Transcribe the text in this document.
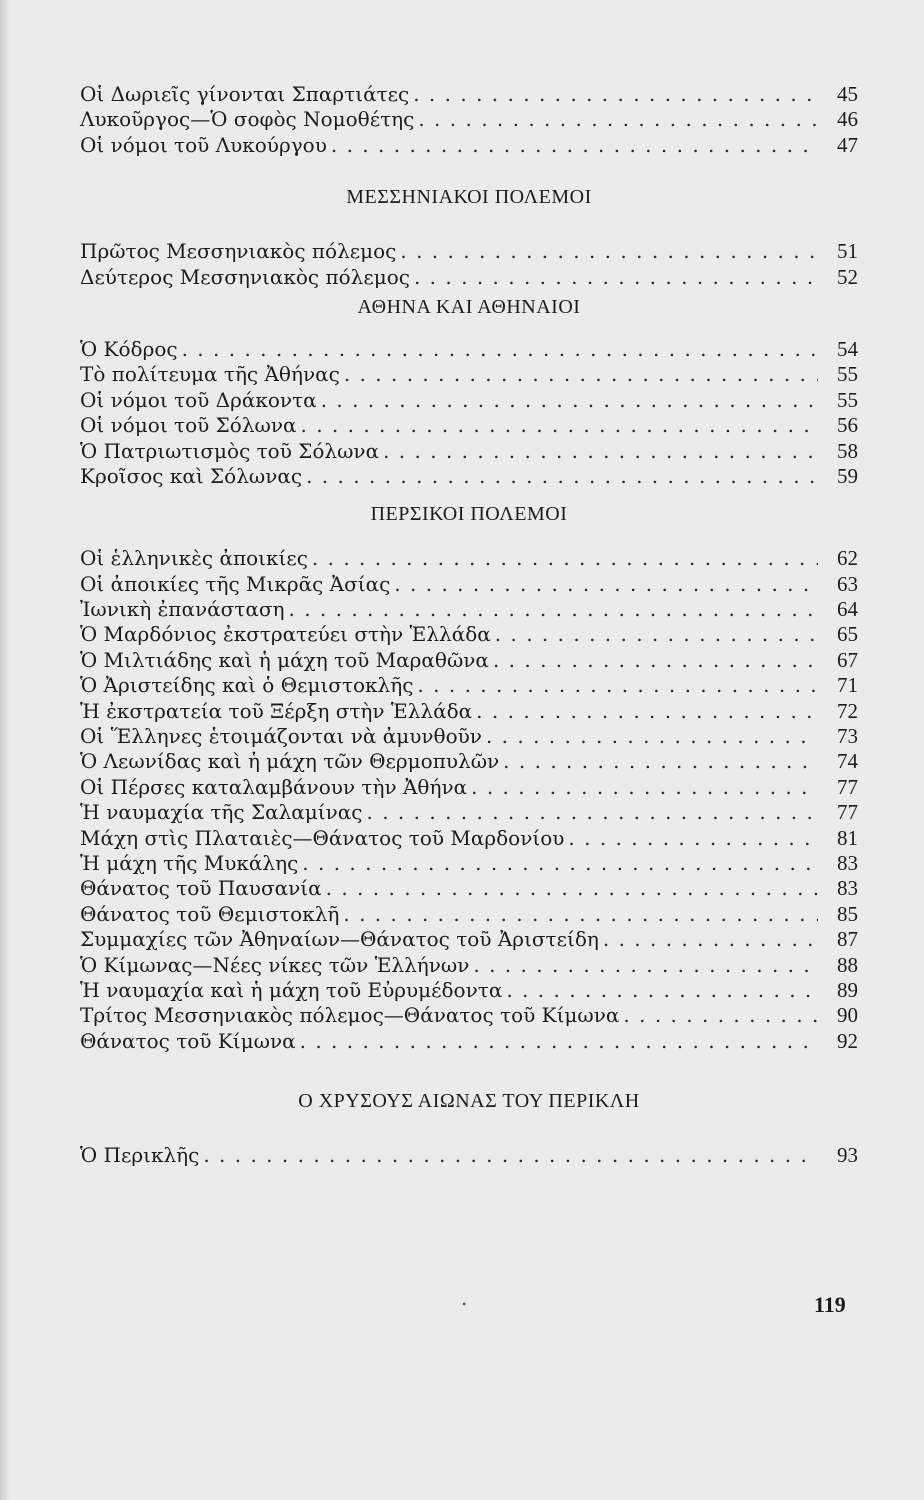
Οἱ Δωριεῖς γίνονται Σπαρτιάτες . . .	45
Λυκοῦργος—Ὁ σοφὸς Νομοθέτης . . .	46
Οἱ νόμοι τοῦ Λυκούργου . . .	47
ΜΕΣΣΗΝΙΑΚΟΙ ΠΟΛΕΜΟΙ
Πρῶτος Μεσσηνιακὸς πόλεμος . . .	51
Δεύτερος Μεσσηνιακὸς πόλεμος . . .	52
ΑΘΗΝΑ ΚΑΙ ΑΘΗΝΑΙΟΙ
Ὁ Κόδρος . . .	54
Τὸ πολίτευμα τῆς Ἀθήνας . . .	55
Οἱ νόμοι τοῦ Δράκοντα . . .	55
Οἱ νόμοι τοῦ Σόλωνα . . .	56
Ὁ Πατριωτισμὸς τοῦ Σόλωνα . . .	58
Κροῖσος καὶ Σόλωνας . . .	59
ΠΕΡΣΙΚΟΙ ΠΟΛΕΜΟΙ
Οἱ ἑλληνικὲς ἀποικίες . . .	62
Οἱ ἀποικίες τῆς Μικρᾶς Ἀσίας . . .	63
Ἰωνικὴ ἐπανάσταση . . .	64
Ὁ Μαρδόνιος ἐκστρατεύει στὴν Ἑλλάδα . . .	65
Ὁ Μιλτιάδης καὶ ἡ μάχη τοῦ Μαραθῶνα . . .	67
Ὁ Ἀριστείδης καὶ ὁ Θεμιστοκλῆς . . .	71
Ἡ ἐκστρατεία τοῦ Ξέρξη στὴν Ἑλλάδα . . .	72
Οἱ Ἕλληνες ἑτοιμάζονται νὰ ἀμυνθοῦν . . .	73
Ὁ Λεωνίδας καὶ ἡ μάχη τῶν Θερμοπυλῶν . . .	74
Οἱ Πέρσες καταλαμβάνουν τὴν Ἀθήνα . . .	77
Ἡ ναυμαχία τῆς Σαλαμίνας . . .	77
Μάχη στὶς Πλαταιὲς—Θάνατος τοῦ Μαρδονίου . . .	81
Ἡ μάχη τῆς Μυκάλης . . .	83
Θάνατος τοῦ Παυσανία . . .	83
Θάνατος τοῦ Θεμιστοκλῆ . . .	85
Συμμαχίες τῶν Ἀθηναίων—Θάνατος τοῦ Ἀριστείδη . . .	87
Ὁ Κίμωνας—Νέες νίκες τῶν Ἑλλήνων . . .	88
Ἡ ναυμαχία καὶ ἡ μάχη τοῦ Εὐρυμέδοντα . . .	89
Τρίτος Μεσσηνιακὸς πόλεμος—Θάνατος τοῦ Κίμωνα . . .	90
Θάνατος τοῦ Κίμωνα . . .	92
Ο ΧΡΥΣΟΥΣ ΑΙΩΝΑΣ ΤΟΥ ΠΕΡΙΚΛΗ
Ὁ Περικλῆς . . .	93
.	119
